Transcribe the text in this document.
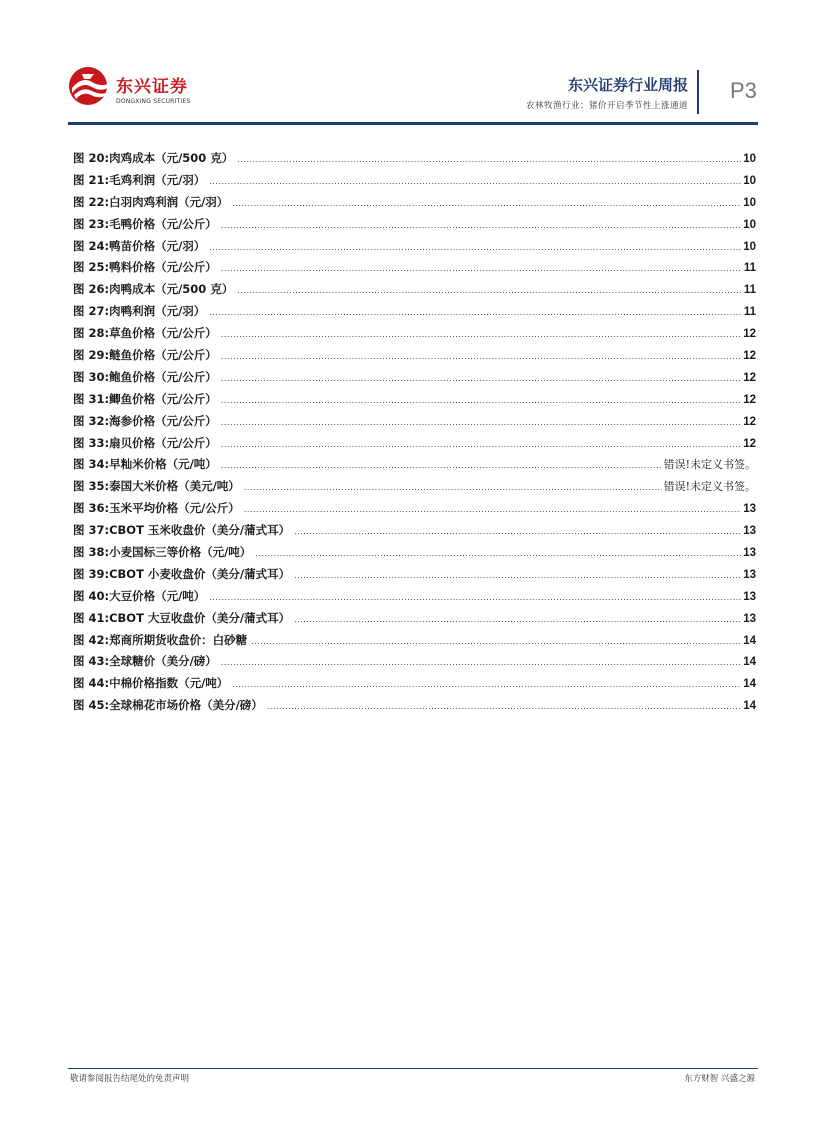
东兴证券
DONGXING SECURITIES
东兴证券行业周报
农林牧渔行业：猪价开启季节性上涨通道
P3
图 20:肉鸡成本（元/500 克） .....	10
图 21:毛鸡利润（元/羽） .....	10
图 22:白羽肉鸡利润（元/羽） .....	10
图 23:毛鸭价格（元/公斤） .....	10
图 24:鸭苗价格（元/羽） .....	10
图 25:鸭料价格（元/公斤） .....	11
图 26:肉鸭成本（元/500 克） .....	11
图 27:肉鸭利润（元/羽） .....	11
图 28:草鱼价格（元/公斤） .....	12
图 29:鲢鱼价格（元/公斤） .....	12
图 30:鲍鱼价格（元/公斤） .....	12
图 31:鲫鱼价格（元/公斤） .....	12
图 32:海参价格（元/公斤） .....	12
图 33:扇贝价格（元/公斤） .....	12
图 34:早籼米价格（元/吨） .....	错误!未定义书签。
图 35:泰国大米价格（美元/吨） .....	错误!未定义书签。
图 36:玉米平均价格（元/公斤） .....	13
图 37:CBOT 玉米收盘价（美分/蒲式耳） .....	13
图 38:小麦国标三等价格（元/吨） .....	13
图 39:CBOT 小麦收盘价（美分/蒲式耳） .....	13
图 40:大豆价格（元/吨） .....	13
图 41:CBOT 大豆收盘价（美分/蒲式耳） .....	13
图 42:郑商所期货收盘价：白砂糖 .....	14
图 43:全球糖价（美分/磅） .....	14
图 44:中棉价格指数（元/吨） .....	14
图 45:全球棉花市场价格（美分/磅） .....	14
敬请参阅报告结尾处的免责声明	东方财智 兴盛之源
